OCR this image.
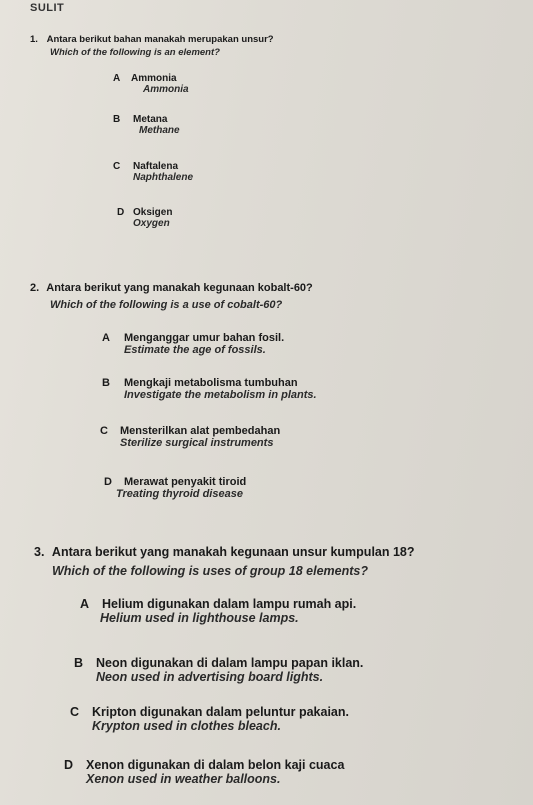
SULIT
1. Antara berikut bahan manakah merupakan unsur?
Which of the following is an element?
A Ammonia
Ammonia
B Metana
Methane
C Naftalena
Naphthalene
D Oksigen
Oxygen
2. Antara berikut yang manakah kegunaan kobalt-60?
Which of the following is a use of cobalt-60?
A Menganggar umur bahan fosil.
Estimate the age of fossils.
B Mengkaji metabolisma tumbuhan
Investigate the metabolism in plants.
C Mensterilkan alat pembedahan
Sterilize surgical instruments
D Merawat penyakit tiroid
Treating thyroid disease
3. Antara berikut yang manakah kegunaan unsur kumpulan 18?
Which of the following is uses of group 18 elements?
A Helium digunakan dalam lampu rumah api.
Helium used in lighthouse lamps.
B Neon digunakan di dalam lampu papan iklan.
Neon used in advertising board lights.
C Kripton digunakan dalam peluntur pakaian.
Krypton used in clothes bleach.
D Xenon digunakan di dalam belon kaji cuaca
Xenon used in weather balloons.
